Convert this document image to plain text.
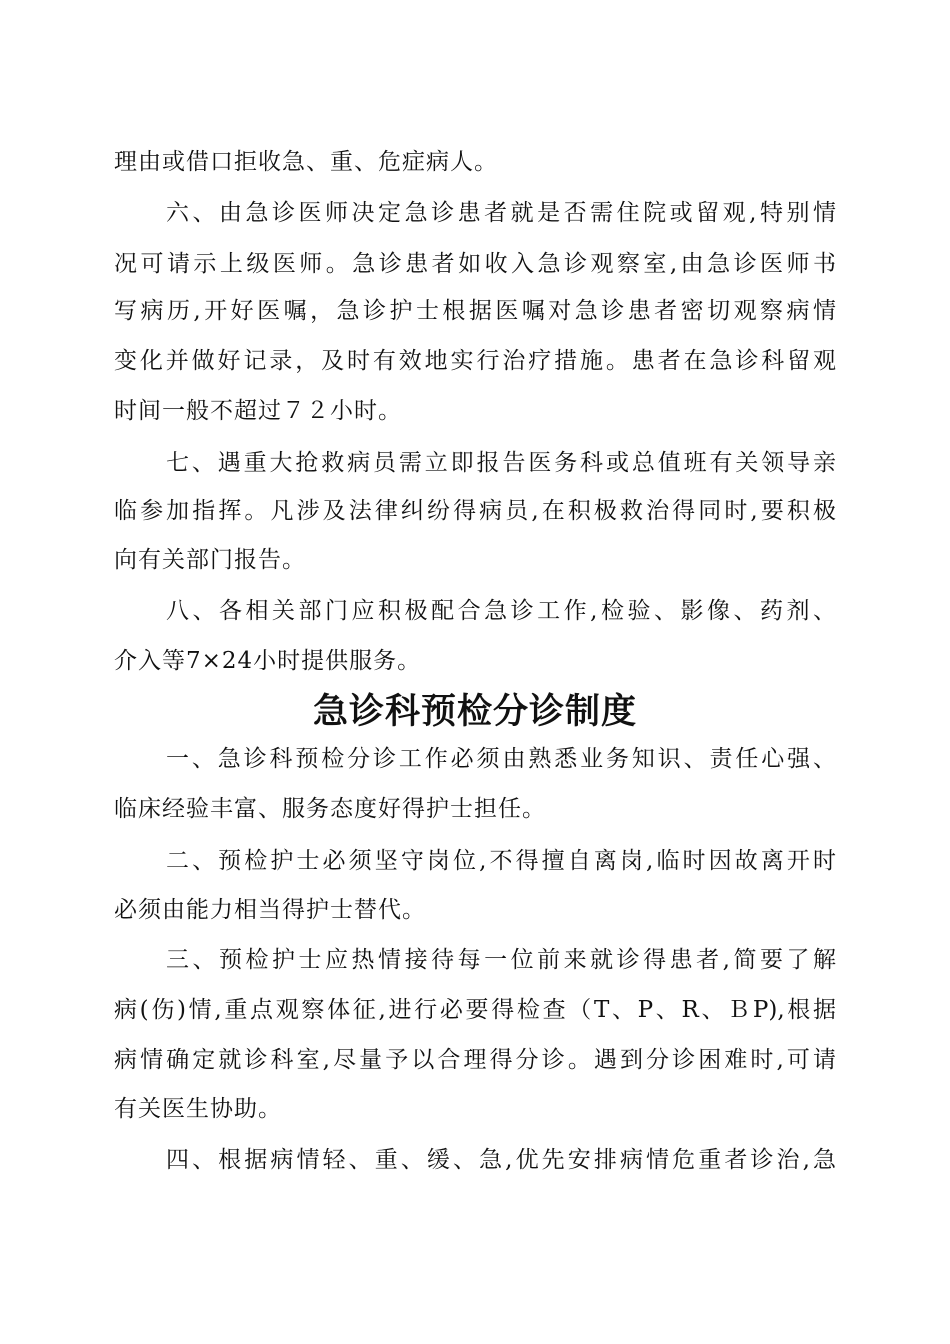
理由或借口拒收急、重、危症病人。
六、由急诊医师决定急诊患者就是否需住院或留观,特别情
况可请示上级医师。急诊患者如收入急诊观察室,由急诊医师书
写病历,开好医嘱，急诊护士根据医嘱对急诊患者密切观察病情
变化并做好记录，及时有效地实行治疗措施。患者在急诊科留观
时间一般不超过７２小时。
七、遇重大抢救病员需立即报告医务科或总值班有关领导亲
临参加指挥。凡涉及法律纠纷得病员,在积极救治得同时,要积极
向有关部门报告。
八、各相关部门应积极配合急诊工作,检验、影像、药剂、
介入等7×24小时提供服务。
急诊科预检分诊制度
一、急诊科预检分诊工作必须由熟悉业务知识、责任心强、
临床经验丰富、服务态度好得护士担任。
二、预检护士必须坚守岗位,不得擅自离岗,临时因故离开时
必须由能力相当得护士替代。
三、预检护士应热情接待每一位前来就诊得患者,简要了解
病(伤)情,重点观察体征,进行必要得检查（T、P、R、ＢP),根据
病情确定就诊科室,尽量予以合理得分诊。遇到分诊困难时,可请
有关医生协助。
四、根据病情轻、重、缓、急,优先安排病情危重者诊治,急
